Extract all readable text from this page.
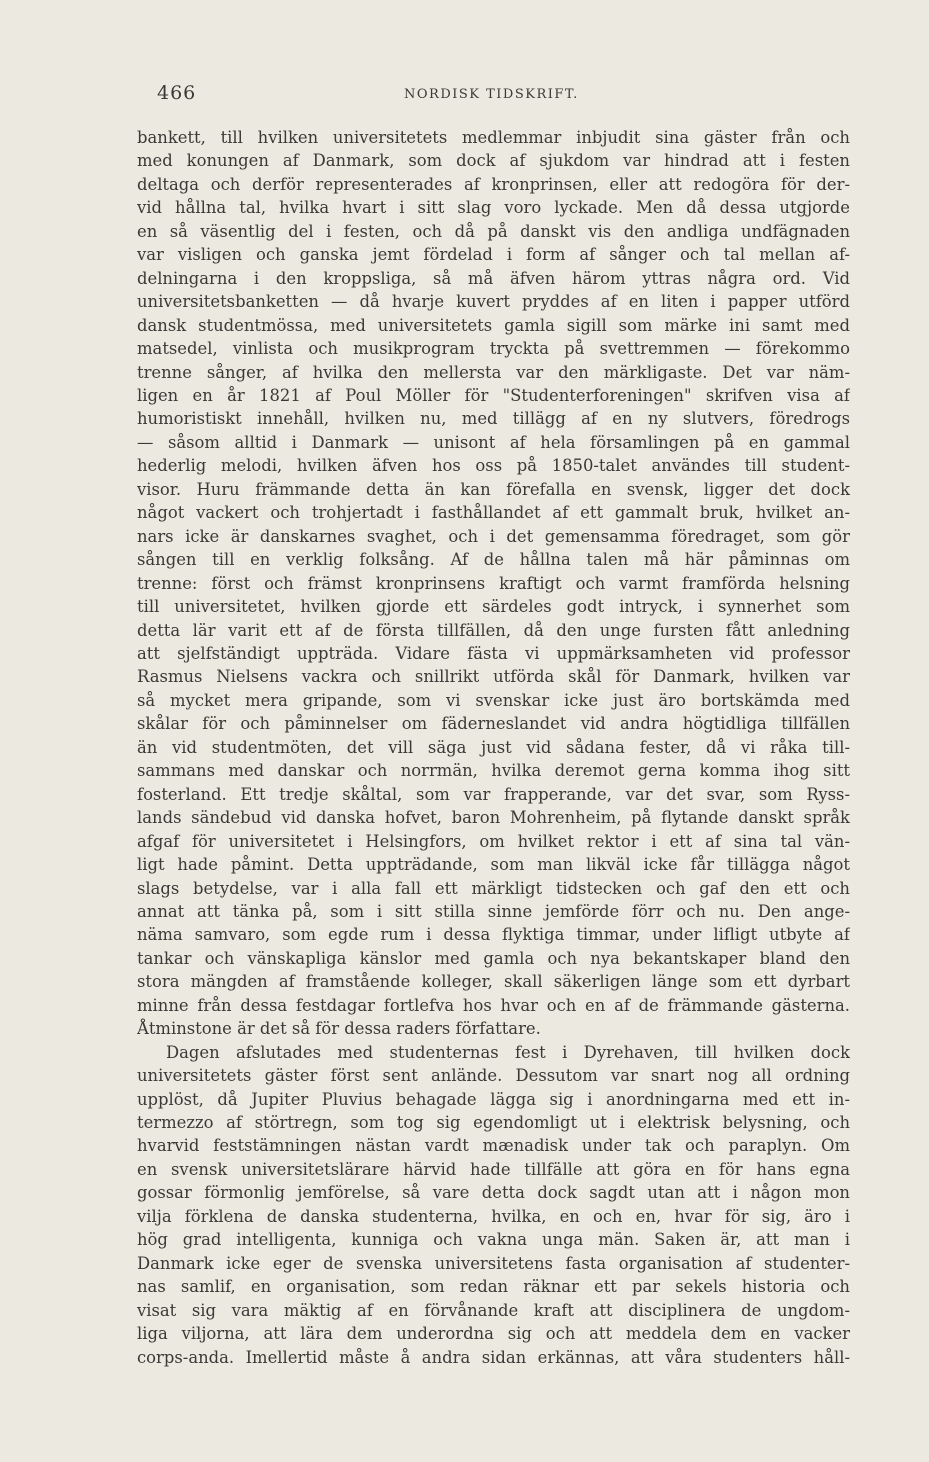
466	NORDISK TIDSKRIFT.
bankett, till hvilken universitetets medlemmar inbjudit sina gäster från och
med konungen af Danmark, som dock af sjukdom var hindrad att i festen
deltaga och derför representerades af kronprinsen, eller att redogöra för der-
vid hållna tal, hvilka hvart i sitt slag voro lyckade. Men då dessa utgjorde
en så väsentlig del i festen, och då på danskt vis den andliga undfägnaden
var visligen och ganska jemt fördelad i form af sånger och tal mellan af-
delningarna i den kroppsliga, så må äfven härom yttras några ord. Vid
universitetsbanketten — då hvarje kuvert pryddes af en liten i papper utförd
dansk studentmössa, med universitetets gamla sigill som märke ini samt med
matsedel, vinlista och musikprogram tryckta på svettremmen — förekommo
trenne sånger, af hvilka den mellersta var den märkligaste. Det var näm-
ligen en år 1821 af Poul Möller för "Studenterforeningen" skrifven visa af
humoristiskt innehåll, hvilken nu, med tillägg af en ny slutvers, föredrogs
— såsom alltid i Danmark — unisont af hela församlingen på en gammal
hederlig melodi, hvilken äfven hos oss på 1850-talet användes till student-
visor. Huru främmande detta än kan förefalla en svensk, ligger det dock
något vackert och trohjertadt i fasthållandet af ett gammalt bruk, hvilket an-
nars icke är danskarnes svaghet, och i det gemensamma föredraget, som gör
sången till en verklig folksång. Af de hållna talen må här påminnas om
trenne: först och främst kronprinsens kraftigt och varmt framförda helsning
till universitetet, hvilken gjorde ett särdeles godt intryck, i synnerhet som
detta lär varit ett af de första tillfällen, då den unge fursten fått anledning
att sjelfständigt uppträda. Vidare fästa vi uppmärksamheten vid professor
Rasmus Nielsens vackra och snillrikt utförda skål för Danmark, hvilken var
så mycket mera gripande, som vi svenskar icke just äro bortskämda med
skålar för och påminnelser om fäderneslandet vid andra högtidliga tillfällen
än vid studentmöten, det vill säga just vid sådana fester, då vi råka till-
sammans med danskar och norrmän, hvilka deremot gerna komma ihog sitt
fosterland. Ett tredje skåltal, som var frapperande, var det svar, som Ryss-
lands sändebud vid danska hofvet, baron Mohrenheim, på flytande danskt språk
afgaf för universitetet i Helsingfors, om hvilket rektor i ett af sina tal vän-
ligt hade påmint. Detta uppträdande, som man likväl icke får tillägga något
slags betydelse, var i alla fall ett märkligt tidstecken och gaf den ett och
annat att tänka på, som i sitt stilla sinne jemförde förr och nu. Den ange-
näma samvaro, som egde rum i dessa flyktiga timmar, under lifligt utbyte af
tankar och vänskapliga känslor med gamla och nya bekantskaper bland den
stora mängden af framstående kolleger, skall säkerligen länge som ett dyrbart
minne från dessa festdagar fortlefva hos hvar och en af de främmande gästerna.
Åtminstone är det så för dessa raders författare.
Dagen afslutades med studenternas fest i Dyrehaven, till hvilken dock
universitetets gäster först sent anlände. Dessutom var snart nog all ordning
upplöst, då Jupiter Pluvius behagade lägga sig i anordningarna med ett in-
termezzo af störtregn, som tog sig egendomligt ut i elektrisk belysning, och
hvarvid feststämningen nästan vardt mænadisk under tak och paraplyn. Om
en svensk universitetslärare härvid hade tillfälle att göra en för hans egna
gossar förmonlig jemförelse, så vare detta dock sagdt utan att i någon mon
vilja förklena de danska studenterna, hvilka, en och en, hvar för sig, äro i
hög grad intelligenta, kunniga och vakna unga män. Saken är, att man i
Danmark icke eger de svenska universitetens fasta organisation af studenter-
nas samlif, en organisation, som redan räknar ett par sekels historia och
visat sig vara mäktig af en förvånande kraft att disciplinera de ungdom-
liga viljorna, att lära dem underordna sig och att meddela dem en vacker
corps-anda. Imellertid måste å andra sidan erkännas, att våra studenters håll-
